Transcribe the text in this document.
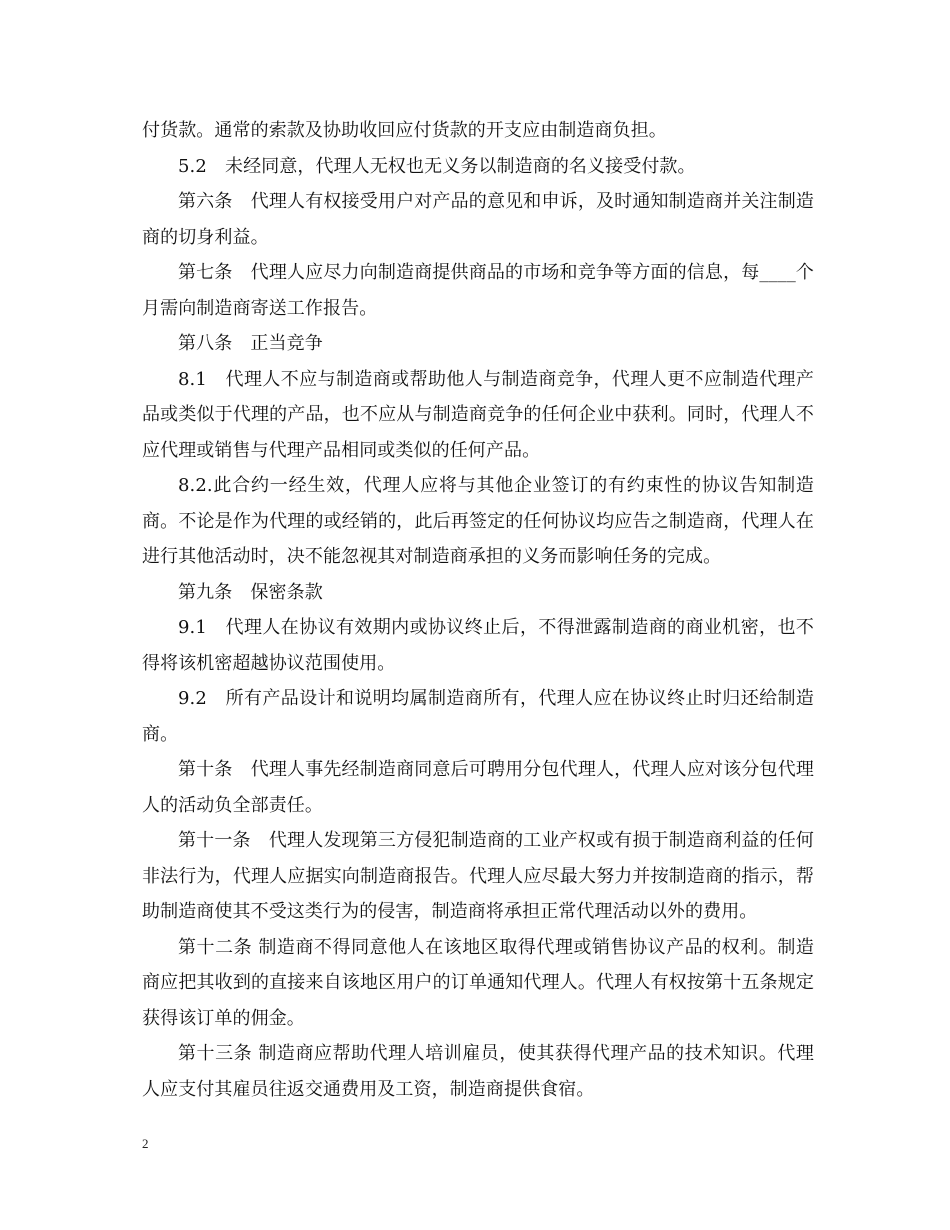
付货款。通常的索款及协助收回应付货款的开支应由制造商负担。

5.2　未经同意，代理人无权也无义务以制造商的名义接受付款。

第六条　代理人有权接受用户对产品的意见和申诉，及时通知制造商并关注制造商的切身利益。

第七条　代理人应尽力向制造商提供商品的市场和竞争等方面的信息，每____个月需向制造商寄送工作报告。

第八条　正当竞争

8.1　代理人不应与制造商或帮助他人与制造商竞争，代理人更不应制造代理产品或类似于代理的产品，也不应从与制造商竞争的任何企业中获利。同时，代理人不应代理或销售与代理产品相同或类似的任何产品。

8.2.此合约一经生效，代理人应将与其他企业签订的有约束性的协议告知制造商。不论是作为代理的或经销的，此后再签定的任何协议均应告之制造商，代理人在进行其他活动时，决不能忽视其对制造商承担的义务而影响任务的完成。

第九条　保密条款

9.1　代理人在协议有效期内或协议终止后，不得泄露制造商的商业机密，也不得将该机密超越协议范围使用。

9.2　所有产品设计和说明均属制造商所有，代理人应在协议终止时归还给制造商。

第十条　代理人事先经制造商同意后可聘用分包代理人，代理人应对该分包代理人的活动负全部责任。

第十一条　代理人发现第三方侵犯制造商的工业产权或有损于制造商利益的任何非法行为，代理人应据实向制造商报告。代理人应尽最大努力并按制造商的指示，帮助制造商使其不受这类行为的侵害，制造商将承担正常代理活动以外的费用。

第十二条 制造商不得同意他人在该地区取得代理或销售协议产品的权利。制造商应把其收到的直接来自该地区用户的订单通知代理人。代理人有权按第十五条规定获得该订单的佣金。

第十三条 制造商应帮助代理人培训雇员，使其获得代理产品的技术知识。代理人应支付其雇员往返交通费用及工资，制造商提供食宿。

2
